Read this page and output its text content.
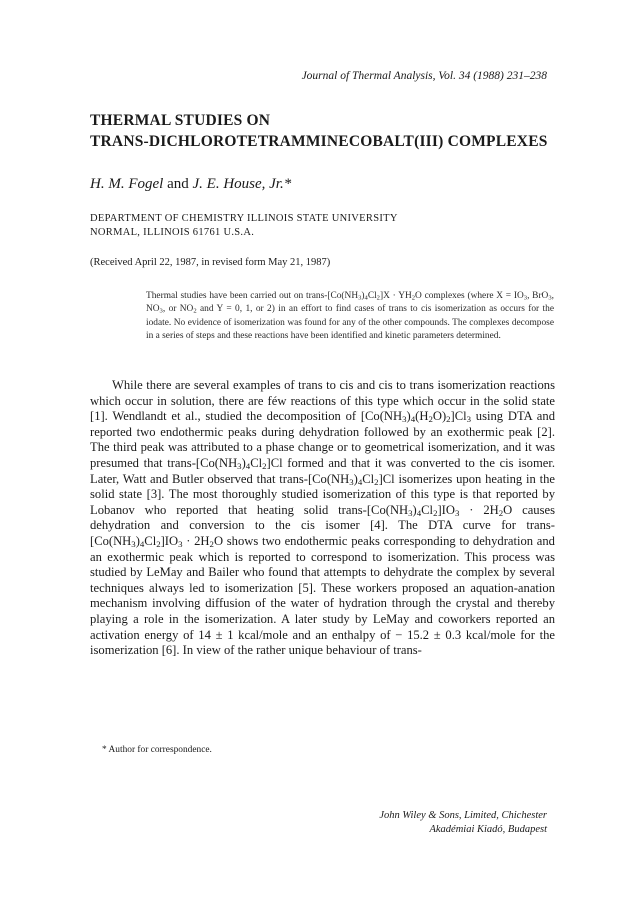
Journal of Thermal Analysis, Vol. 34 (1988) 231–238
THERMAL STUDIES ON
TRANS-DICHLOROTETRAMMINECOBALT(III) COMPLEXES
H. M. Fogel and J. E. House, Jr.*
DEPARTMENT OF CHEMISTRY ILLINOIS STATE UNIVERSITY
NORMAL, ILLINOIS 61761 U.S.A.
(Received April 22, 1987, in revised form May 21, 1987)
Thermal studies have been carried out on trans-$[Co(NH_3)_4Cl_2]X \cdot YH_2O$ complexes (where $X = IO_3$, BrO$_3$, $NO_3$, or $NO_2$ and Y = 0, 1, or 2) in an effort to find cases of trans to cis isomerization as occurs for the iodate. No evidence of isomerization was found for any of the other compounds. The complexes decompose in a series of steps and these reactions have been identified and kinetic parameters determined.

While there are several examples of trans to cis and cis to trans isomerization reactions which occur in solution, there are féw reactions of this type which occur in the solid state [1]. Wendlandt et al., studied the decomposition of $[Co(NH_3)_4(H_2O)_2]Cl_3$ using DTA and reported two endothermic peaks during dehydration followed by an exothermic peak [2]. The third peak was attributed to a phase change or to geometrical isomerization, and it was presumed that trans-$[Co(NH_3)_4Cl_2]Cl$ formed and that it was converted to the cis isomer. Later, Watt and Butler observed that trans-$[Co(NH_3)_4Cl_2]Cl$ isomerizes upon heating in the solid state [3]. The most thoroughly studied isomerization of this type is that reported by Lobanov who reported that heating solid trans-$[Co(NH_3)_4Cl_2]IO_3 \cdot 2H_2O$ causes dehydration and conversion to the cis isomer [4]. The DTA curve for trans-$[Co(NH_3)_4Cl_2]IO_3 \cdot 2H_2O$ shows two endothermic peaks corresponding to dehydration and an exothermic peak which is reported to correspond to isomerization. This process was studied by LeMay and Bailer who found that attempts to dehydrate the complex by several techniques always led to isomerization [5]. These workers proposed an aquation-anation mechanism involving diffusion of the water of hydration through the crystal and thereby playing a role in the isomerization. A later study by LeMay and coworkers reported an activation energy of 14 ± 1 kcal/mole and an enthalpy of − 15.2 ± 0.3 kcal/mole for the isomerization [6]. In view of the rather unique behaviour of trans-

* Author for correspondence.
John Wiley & Sons, Limited, Chichester
Akadémiai Kiadó, Budapest
